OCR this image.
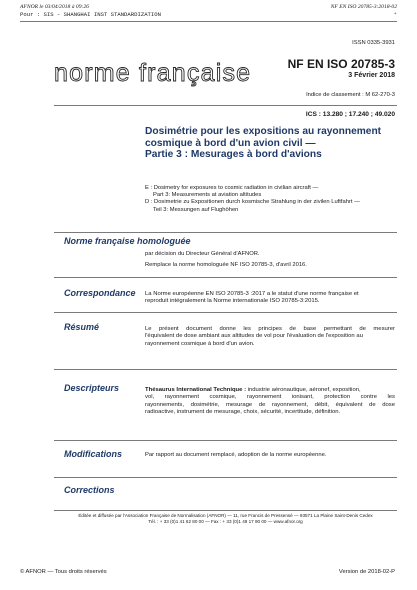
AFNOR le 03/04/2018 à 09:26
Pour : SIS - SHANGHAI INST STANDARDIZATION
NF EN ISO 20785-3:2018-02
+
ISSN 0335-3931
norme française	NF EN ISO 20785-3
3 Février 2018
Indice de classement : M 62-270-3
ICS : 13.280 ; 17.240 ; 49.020
Dosimétrie pour les expositions au rayonnement
cosmique à bord d'un avion civil —
Partie 3 : Mesurages à bord d'avions
E : Dosimetry for exposures to cosmic radiation in civilian aircraft —
Part 3: Measurements at aviation altitudes
D : Dosimetrie zu Expositionen durch kosmische Strahlung in der zivilen Luftfahrt —
Teil 3: Messungen auf Flughöhen
Norme française homologuée
par décision du Directeur Général d'AFNOR.
Remplace la norme homologuée NF ISO 20785-3, d'avril 2016.
Correspondance La Norme européenne EN ISO 20785-3 :2017 a le statut d'une norme française et
reproduit intégralement la Norme internationale ISO 20785-3:2015.
Résumé	Le présent document donne les principes de base permettant de mesurer
l'équivalent de dose ambiant aux altitudes de vol pour l'évaluation de l'exposition au
rayonnement cosmique à bord d'un avion.
Descripteurs	Thésaurus International Technique : industrie aéronautique, aéronef, exposition,
vol, rayonnement cosmique, rayonnement ionisant, protection contre les
rayonnements, dosimétrie, mesurage de rayonnement, débit, équivalent de dose
radioactive, instrument de mesurage, choix, sécurité, incertitude, définition.
Modifications	Par rapport au document remplacé, adoption de la norme européenne.
Corrections
Éditée et diffusée par l'Association Française de Normalisation (AFNOR) — 11, rue Francis de Pressensé — 93571 La Plaine Saint-Denis Cedex
Tél. : + 33 (0)1 41 62 80 00 — Fax : + 33 (0)1 49 17 90 00 — www.afnor.org
© AFNOR — Tous droits réservés	Version de 2018-02-P
